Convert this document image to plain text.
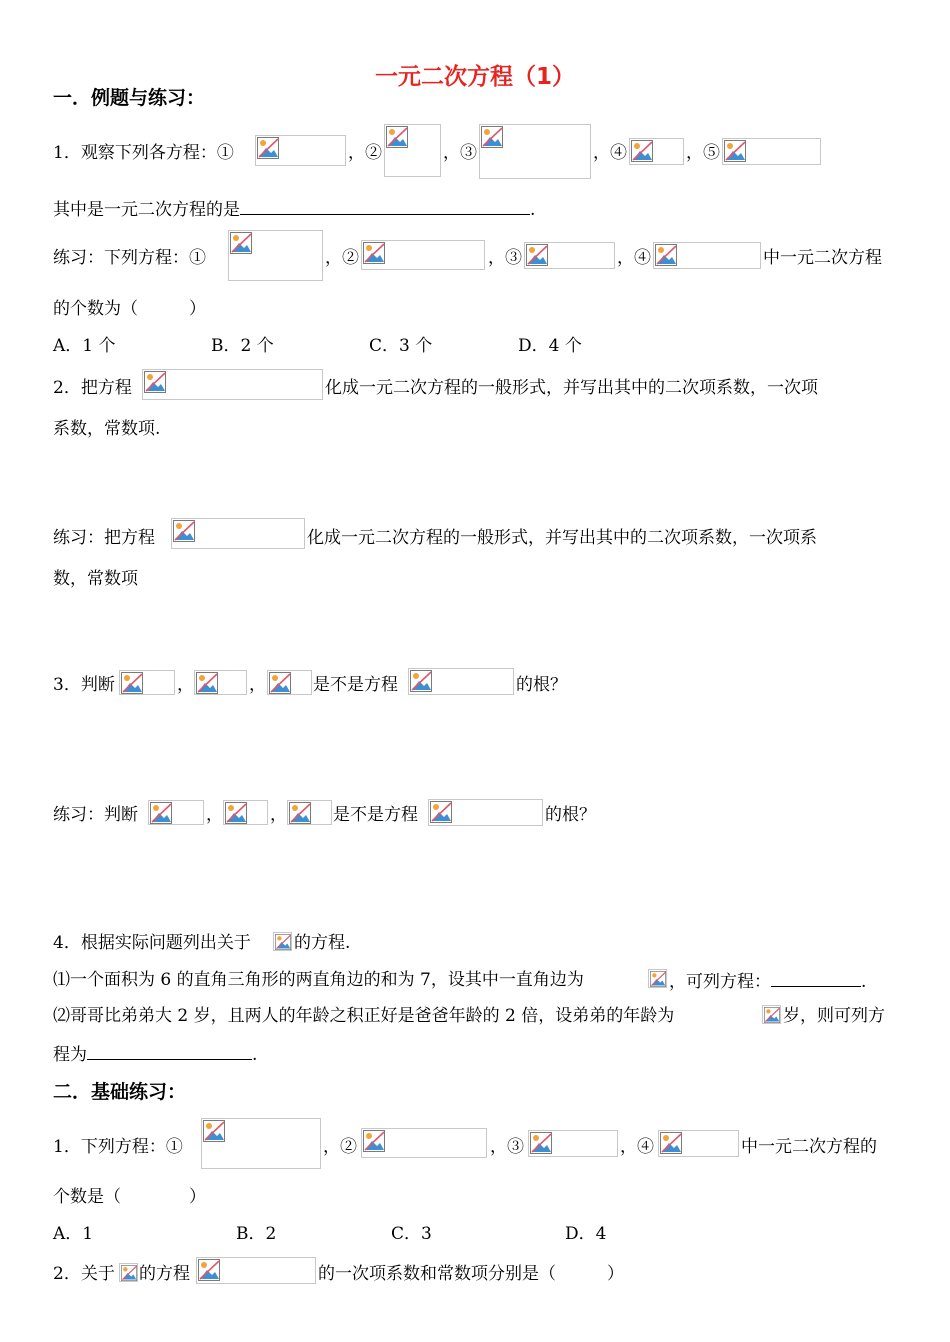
一元二次方程（1）
一．例题与练习：
1．观察下列各方程：①	，②	，③	，④	，⑤
其中是一元二次方程的是	.
练习：下列方程：①	，②	，③	，④	中一元二次方程
的个数为（　　　）
A．1 个	B．2 个	C．3 个	D．4 个
2．把方程	化成一元二次方程的一般形式，并写出其中的二次项系数，一次项
系数，常数项.
练习：把方程	化成一元二次方程的一般形式，并写出其中的二次项系数，一次项系
数，常数项
3．判断	，	，	是不是方程	的根？
练习：判断	，	，	是不是方程	的根？
4．根据实际问题列出关于	的方程.
⑴一个面积为 6 的直角三角形的两直角边的和为 7，设其中一直角边为	，可列方程：	.
⑵哥哥比弟弟大 2 岁，且两人的年龄之积正好是爸爸年龄的 2 倍，设弟弟的年龄为	岁，则可列方
程为	.
二．基础练习：
1．下列方程：①	，②	，③	，④	中一元二次方程的
个数是（　　　　）
A．1	B．2	C．3	D．4
2．关于 的方程	的一次项系数和常数项分别是（　　　）
